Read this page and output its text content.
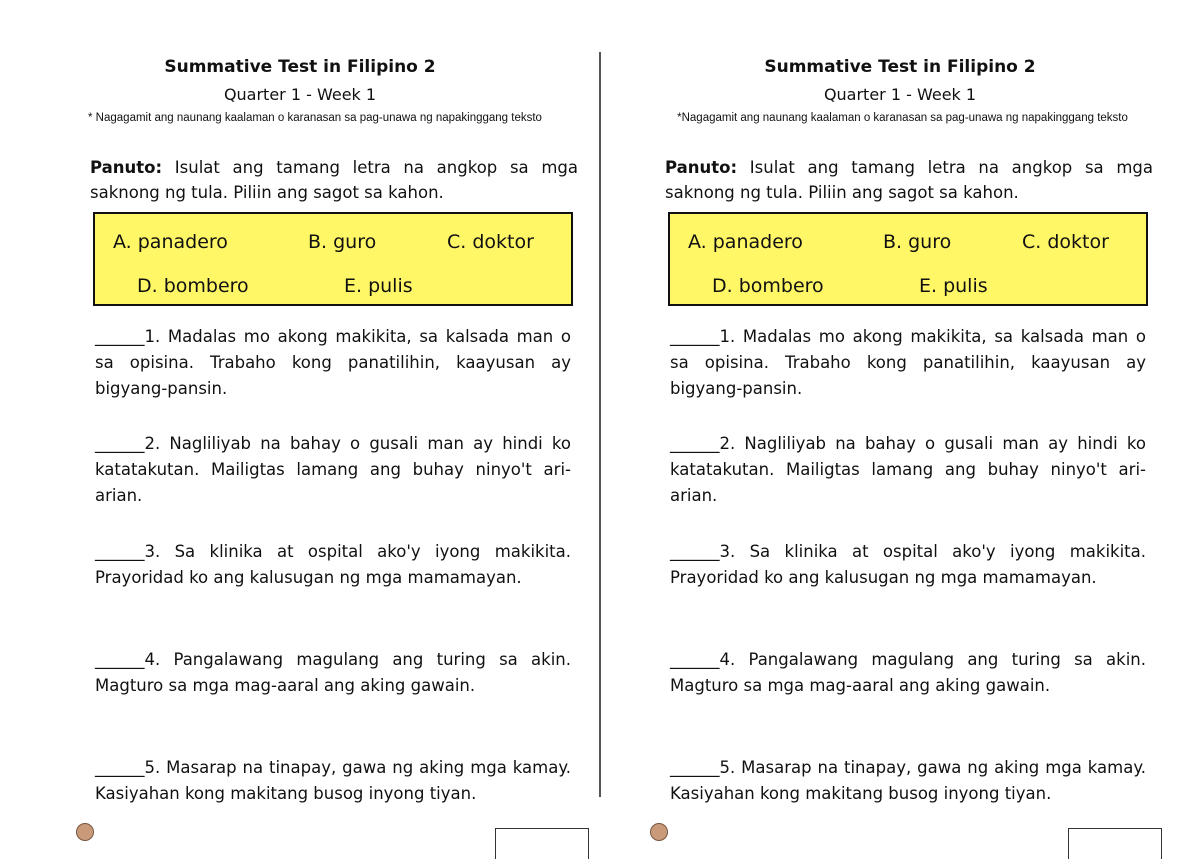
Summative Test in Filipino 2
Quarter 1 - Week 1
* Nagagamit ang naunang kaalaman o karanasan sa pag-unawa ng napakinggang teksto
Panuto: Isulat ang tamang letra na angkop sa mga saknong ng tula. Piliin ang sagot sa kahon.
A. panadero	B. guro	C. doktor
D. bombero	E. pulis
______1. Madalas mo akong makikita, sa kalsada man o sa opisina. Trabaho kong panatilihin, kaayusan ay bigyang-pansin.
______2. Nagliliyab na bahay o gusali man ay hindi ko katatakutan. Mailigtas lamang ang buhay ninyo't ari-arian.
______3. Sa klinika at ospital ako'y iyong makikita. Prayoridad ko ang kalusugan ng mga mamamayan.
______4. Pangalawang magulang ang turing sa akin. Magturo sa mga mag-aaral ang aking gawain.
______5. Masarap na tinapay, gawa ng aking mga kamay. Kasiyahan kong makitang busog inyong tiyan.
Summative Test in Filipino 2
Quarter 1 - Week 1
*Nagagamit ang naunang kaalaman o karanasan sa pag-unawa ng napakinggang teksto
Panuto: Isulat ang tamang letra na angkop sa mga saknong ng tula. Piliin ang sagot sa kahon.
A. panadero	B. guro	C. doktor
D. bombero	E. pulis
______1. Madalas mo akong makikita, sa kalsada man o sa opisina. Trabaho kong panatilihin, kaayusan ay bigyang-pansin.
______2. Nagliliyab na bahay o gusali man ay hindi ko katatakutan. Mailigtas lamang ang buhay ninyo't ari-arian.
______3. Sa klinika at ospital ako'y iyong makikita. Prayoridad ko ang kalusugan ng mga mamamayan.
______4. Pangalawang magulang ang turing sa akin. Magturo sa mga mag-aaral ang aking gawain.
______5. Masarap na tinapay, gawa ng aking mga kamay. Kasiyahan kong makitang busog inyong tiyan.
